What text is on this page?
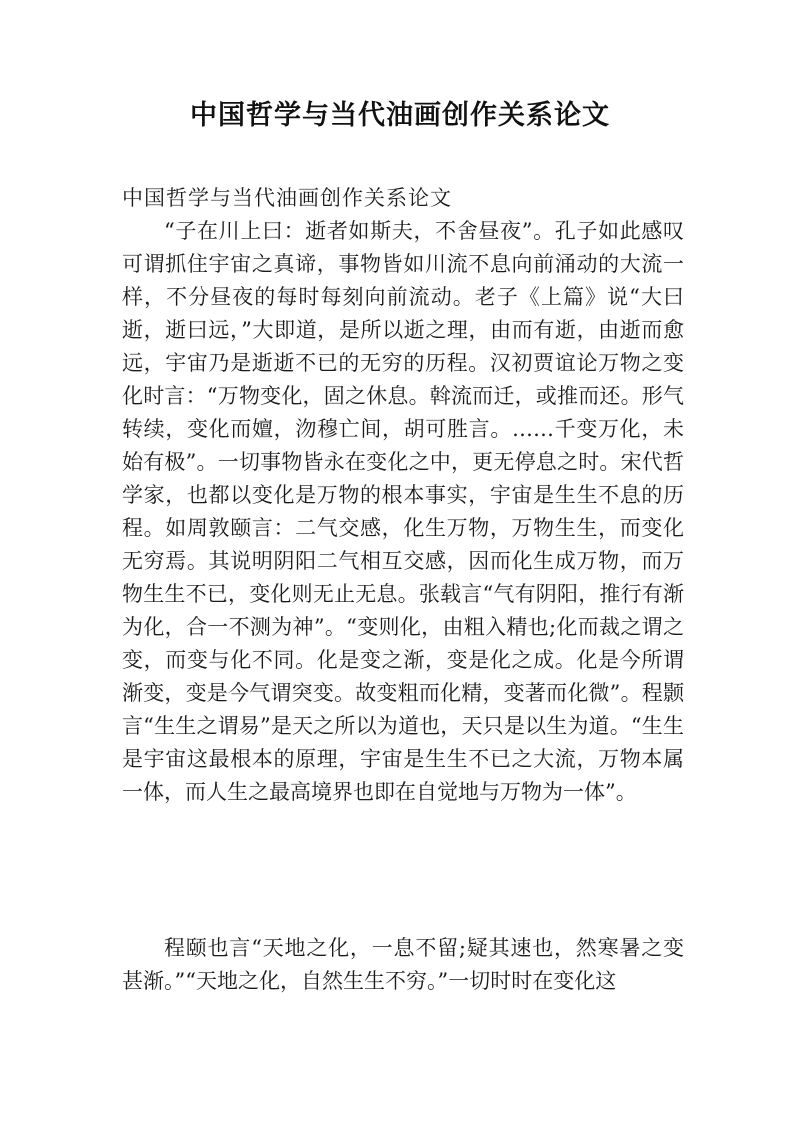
中国哲学与当代油画创作关系论文

中国哲学与当代油画创作关系论文

“子在川上曰：逝者如斯夫，不舍昼夜”。孔子如此感叹可谓抓住宇宙之真谛，事物皆如川流不息向前涌动的大流一样，不分昼夜的每时每刻向前流动。老子《上篇》说“大曰逝，逝曰远，”大即道，是所以逝之理，由而有逝，由逝而愈远，宇宙乃是逝逝不已的无穷的历程。汉初贾谊论万物之变化时言：“万物变化，固之休息。斡流而迁，或推而还。形气转续，变化而嬗，沕穆亡间，胡可胜言。……千变万化，未始有极”。一切事物皆永在变化之中，更无停息之时。宋代哲学家，也都以变化是万物的根本事实，宇宙是生生不息的历程。如周敦颐言：二气交感，化生万物，万物生生，而变化无穷焉。其说明阴阳二气相互交感，因而化生成万物，而万物生生不已，变化则无止无息。张载言“气有阴阳，推行有渐为化，合一不测为神”。“变则化，由粗入精也;化而裁之谓之变，而变与化不同。化是变之渐，变是化之成。化是今所谓渐变，变是今气谓突变。故变粗而化精，变著而化微”。程颢言“生生之谓易”是天之所以为道也，天只是以生为道。“生生是宇宙这最根本的原理，宇宙是生生不已之大流，万物本属一体，而人生之最高境界也即在自觉地与万物为一体”。

程颐也言“天地之化，一息不留;疑其速也，然寒暑之变甚渐。”“天地之化，自然生生不穷。”一切时时在变化这
